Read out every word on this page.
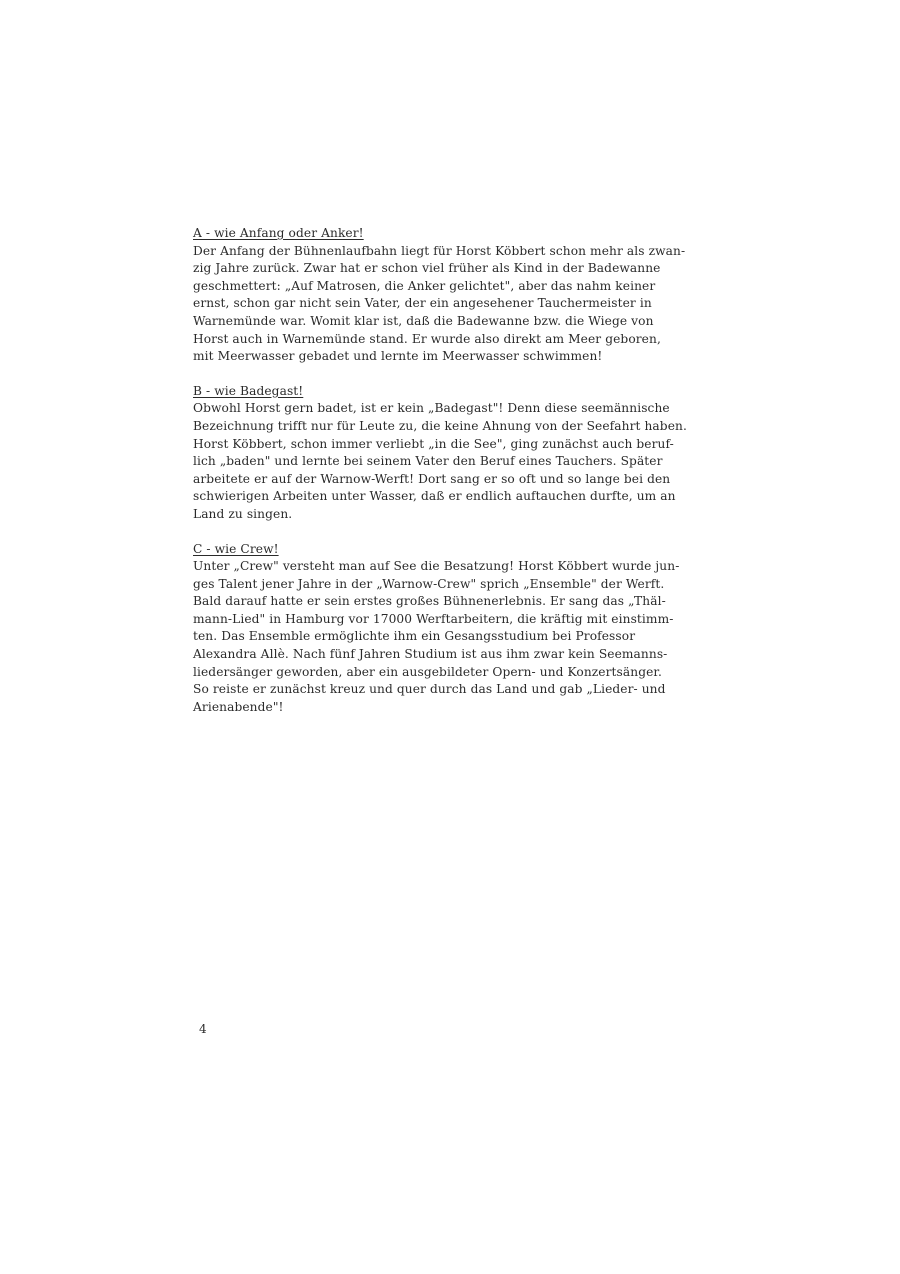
A - wie Anfang oder Anker!
Der Anfang der Bühnenlaufbahn liegt für Horst Köbbert schon mehr als zwan-
zig Jahre zurück. Zwar hat er schon viel früher als Kind in der Badewanne
geschmettert: „Auf Matrosen, die Anker gelichtet", aber das nahm keiner
ernst, schon gar nicht sein Vater, der ein angesehener Tauchermeister in
Warnemünde war. Womit klar ist, daß die Badewanne bzw. die Wiege von
Horst auch in Warnemünde stand. Er wurde also direkt am Meer geboren,
mit Meerwasser gebadet und lernte im Meerwasser schwimmen!
B - wie Badegast!
Obwohl Horst gern badet, ist er kein „Badegast"! Denn diese seemännische
Bezeichnung trifft nur für Leute zu, die keine Ahnung von der Seefahrt haben.
Horst Köbbert, schon immer verliebt „in die See", ging zunächst auch beruf-
lich „baden" und lernte bei seinem Vater den Beruf eines Tauchers. Später
arbeitete er auf der Warnow-Werft! Dort sang er so oft und so lange bei den
schwierigen Arbeiten unter Wasser, daß er endlich auftauchen durfte, um an
Land zu singen.
C - wie Crew!
Unter „Crew" versteht man auf See die Besatzung! Horst Köbbert wurde jun-
ges Talent jener Jahre in der „Warnow-Crew" sprich „Ensemble" der Werft.
Bald darauf hatte er sein erstes großes Bühnenerlebnis. Er sang das „Thäl-
mann-Lied" in Hamburg vor 17000 Werftarbeitern, die kräftig mit einstimm-
ten. Das Ensemble ermöglichte ihm ein Gesangsstudium bei Professor
Alexandra Allè. Nach fünf Jahren Studium ist aus ihm zwar kein Seemanns-
liedersänger geworden, aber ein ausgebildeter Opern- und Konzertsänger.
So reiste er zunächst kreuz und quer durch das Land und gab „Lieder- und
Arienabende"!
4
